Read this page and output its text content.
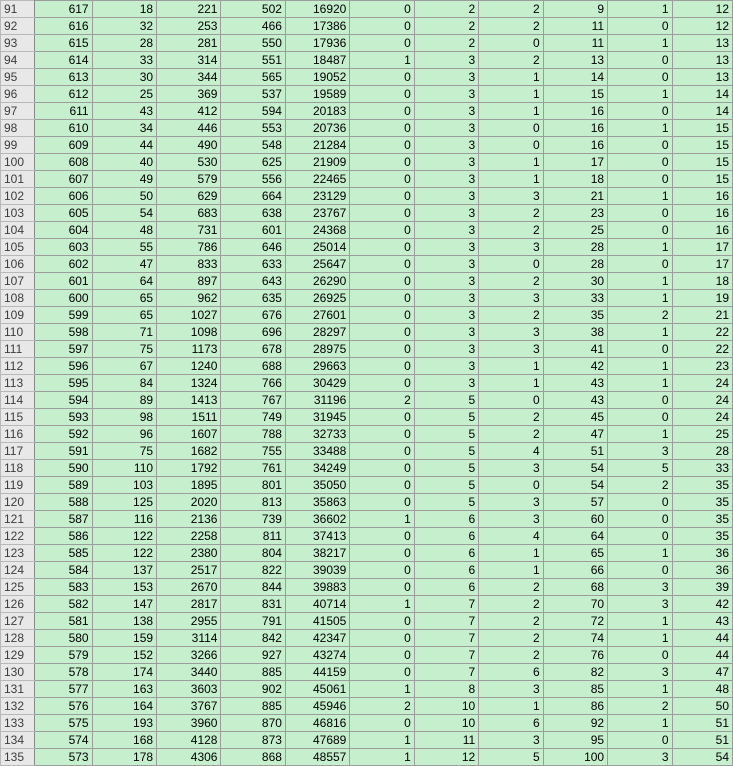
91	617	18	221	502	16920	0	2	2	9	1	12
92	616	32	253	466	17386	0	2	2	11	0	12
93	615	28	281	550	17936	0	2	0	11	1	13
94	614	33	314	551	18487	1	3	2	13	0	13
95	613	30	344	565	19052	0	3	1	14	0	13
96	612	25	369	537	19589	0	3	1	15	1	14
97	611	43	412	594	20183	0	3	1	16	0	14
98	610	34	446	553	20736	0	3	0	16	1	15
99	609	44	490	548	21284	0	3	0	16	0	15
100	608	40	530	625	21909	0	3	1	17	0	15
101	607	49	579	556	22465	0	3	1	18	0	15
102	606	50	629	664	23129	0	3	3	21	1	16
103	605	54	683	638	23767	0	3	2	23	0	16
104	604	48	731	601	24368	0	3	2	25	0	16
105	603	55	786	646	25014	0	3	3	28	1	17
106	602	47	833	633	25647	0	3	0	28	0	17
107	601	64	897	643	26290	0	3	2	30	1	18
108	600	65	962	635	26925	0	3	3	33	1	19
109	599	65	1027	676	27601	0	3	2	35	2	21
110	598	71	1098	696	28297	0	3	3	38	1	22
111	597	75	1173	678	28975	0	3	3	41	0	22
112	596	67	1240	688	29663	0	3	1	42	1	23
113	595	84	1324	766	30429	0	3	1	43	1	24
114	594	89	1413	767	31196	2	5	0	43	0	24
115	593	98	1511	749	31945	0	5	2	45	0	24
116	592	96	1607	788	32733	0	5	2	47	1	25
117	591	75	1682	755	33488	0	5	4	51	3	28
118	590	110	1792	761	34249	0	5	3	54	5	33
119	589	103	1895	801	35050	0	5	0	54	2	35
120	588	125	2020	813	35863	0	5	3	57	0	35
121	587	116	2136	739	36602	1	6	3	60	0	35
122	586	122	2258	811	37413	0	6	4	64	0	35
123	585	122	2380	804	38217	0	6	1	65	1	36
124	584	137	2517	822	39039	0	6	1	66	0	36
125	583	153	2670	844	39883	0	6	2	68	3	39
126	582	147	2817	831	40714	1	7	2	70	3	42
127	581	138	2955	791	41505	0	7	2	72	1	43
128	580	159	3114	842	42347	0	7	2	74	1	44
129	579	152	3266	927	43274	0	7	2	76	0	44
130	578	174	3440	885	44159	0	7	6	82	3	47
131	577	163	3603	902	45061	1	8	3	85	1	48
132	576	164	3767	885	45946	2	10	1	86	2	50
133	575	193	3960	870	46816	0	10	6	92	1	51
134	574	168	4128	873	47689	1	11	3	95	0	51
135	573	178	4306	868	48557	1	12	5	100	3	54
